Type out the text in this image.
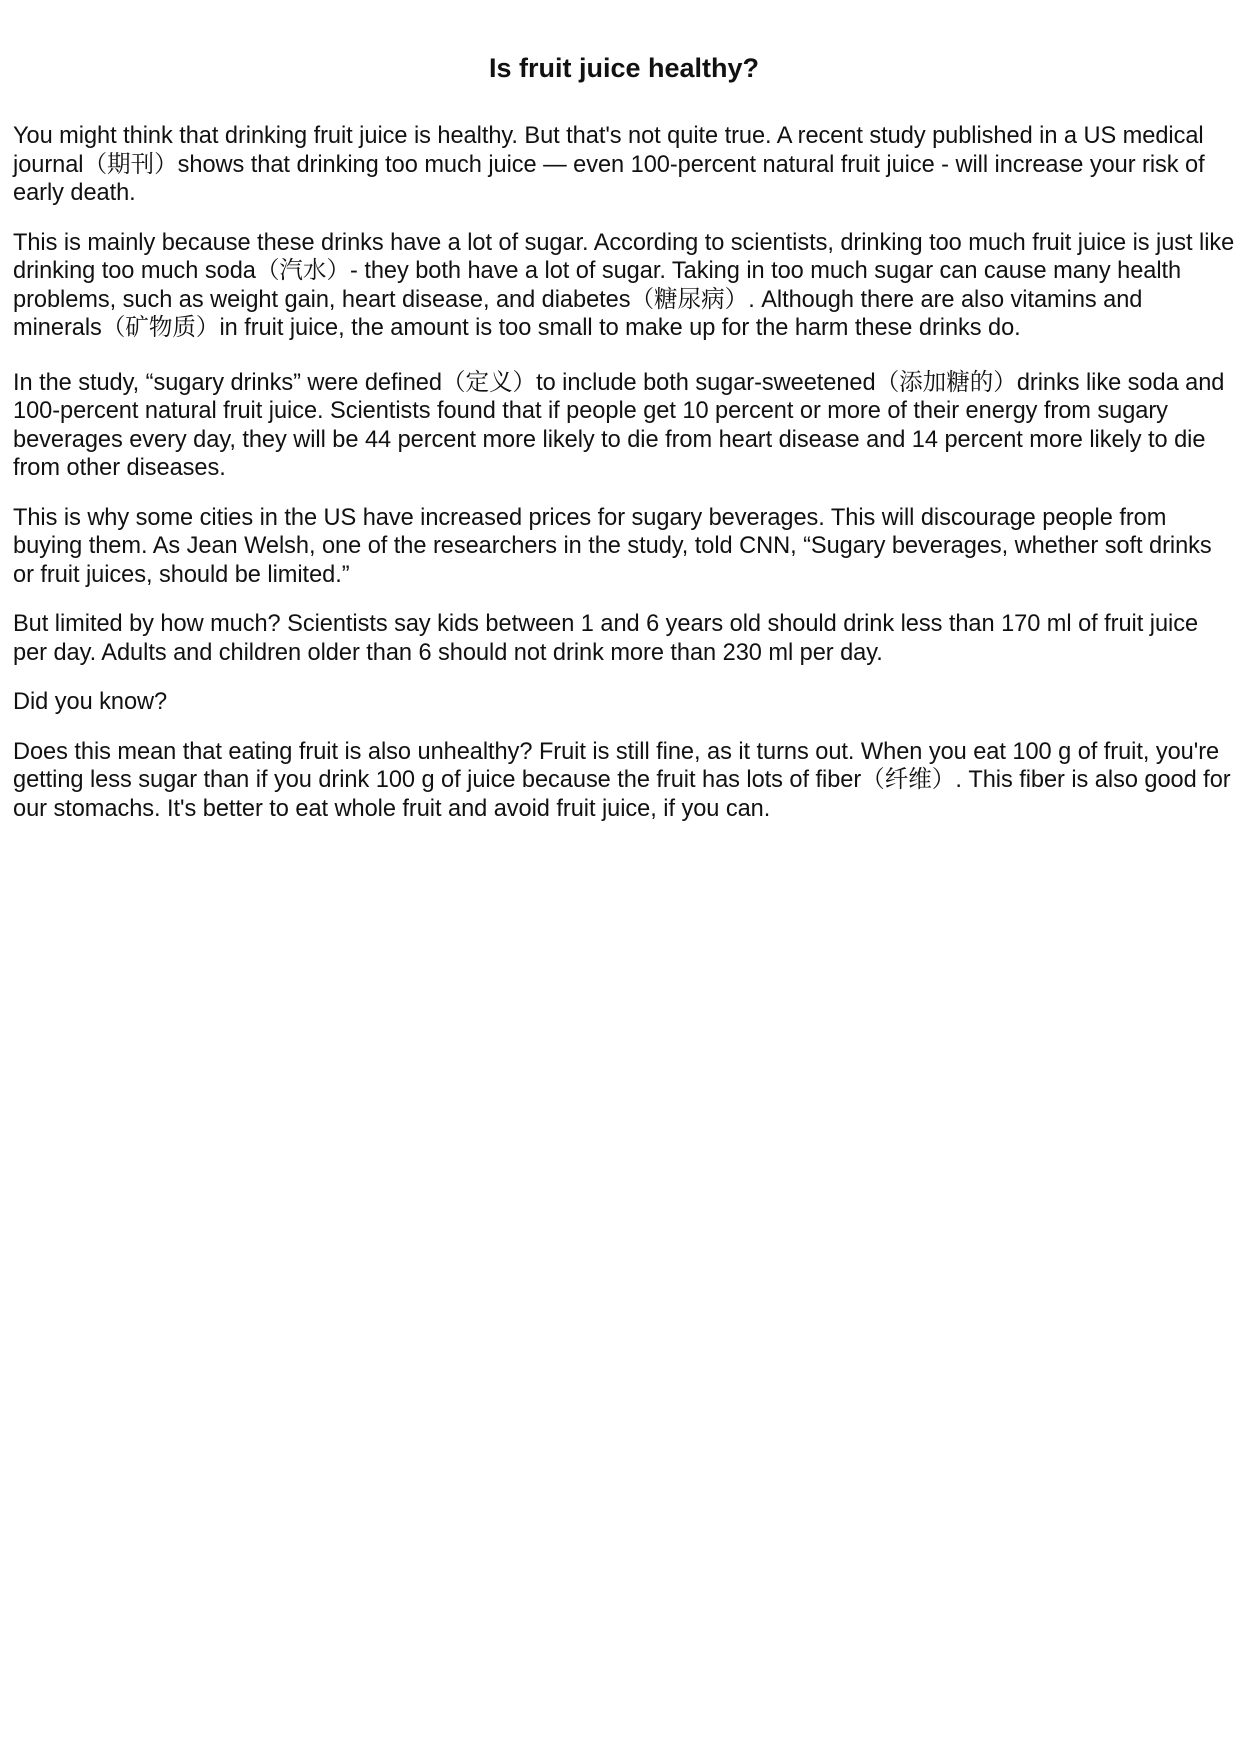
Is fruit juice healthy?

You might think that drinking fruit juice is healthy. But that's not quite true. A recent study published in a US medical journal（期刊）shows that drinking too much juice — even 100-percent natural fruit juice - will increase your risk of early death.

This is mainly because these drinks have a lot of sugar. According to scientists, drinking too much fruit juice is just like drinking too much soda（汽水）- they both have a lot of sugar. Taking in too much sugar can cause many health problems, such as weight gain, heart disease, and diabetes（糖尿病）. Although there are also vitamins and minerals（矿物质）in fruit juice, the amount is too small to make up for the harm these drinks do.

In the study, “sugary drinks” were defined（定义）to include both sugar-sweetened（添加糖的）drinks like soda and 100-percent natural fruit juice. Scientists found that if people get 10 percent or more of their energy from sugary beverages every day, they will be 44 percent more likely to die from heart disease and 14 percent more likely to die from other diseases.

This is why some cities in the US have increased prices for sugary beverages. This will discourage people from buying them. As Jean Welsh, one of the researchers in the study, told CNN, “Sugary beverages, whether soft drinks or fruit juices, should be limited.”

But limited by how much? Scientists say kids between 1 and 6 years old should drink less than 170 ml of fruit juice per day. Adults and children older than 6 should not drink more than 230 ml per day.

Did you know?

Does this mean that eating fruit is also unhealthy? Fruit is still fine, as it turns out. When you eat 100 g of fruit, you're getting less sugar than if you drink 100 g of juice because the fruit has lots of fiber（纤维）. This fiber is also good for our stomachs. It's better to eat whole fruit and avoid fruit juice, if you can.
